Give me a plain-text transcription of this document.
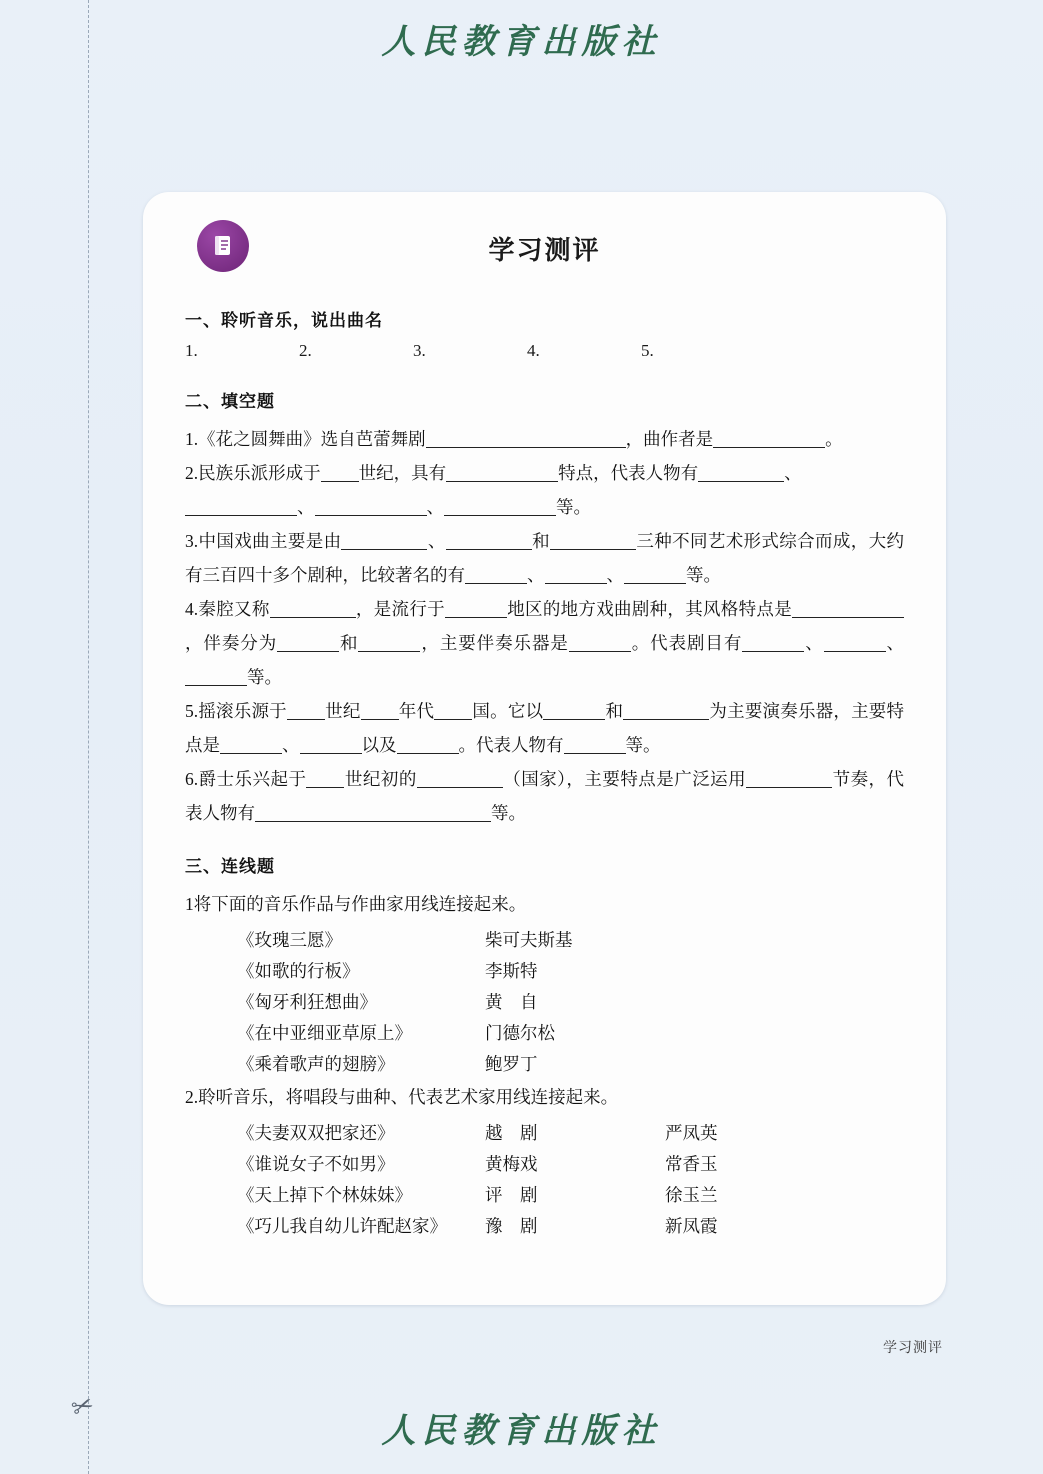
人民教育出版社
✂
学习测评
一、聆听音乐，说出曲名
1.	2.	3.	4.	5.
二、填空题
1.《花之圆舞曲》选自芭蕾舞剧	，曲作者是	。
2.民族乐派形成于 世纪，具有	特点，代表人物有	、
、	、	等。
3.中国戏曲主要是由	、	和	三种不同艺术形式综合而成，大约有三百四十多个剧种，比较著名的有	、	、	等。
4.秦腔又称	，是流行于	地区的地方戏曲剧种，其风格特点是，伴奏分为	和	，主要伴奏乐器是	。代表剧目有	、	、等。
5.摇滚乐源于 世纪 年代 国。它以	和	为主要演奏乐器，主要特点是	、	以及	。代表人物有	等。
6.爵士乐兴起于 世纪初的	（国家），主要特点是广泛运用	节奏，代表人物有	等。
三、连线题
1将下面的音乐作品与作曲家用线连接起来。
《玫瑰三愿》	柴可夫斯基
《如歌的行板》	李斯特
《匈牙利狂想曲》	黄　自
《在中亚细亚草原上》	门德尔松
《乘着歌声的翅膀》	鲍罗丁
2.聆听音乐，将唱段与曲种、代表艺术家用线连接起来。
《夫妻双双把家还》	越　剧	严凤英
《谁说女子不如男》	黄梅戏	常香玉
《天上掉下个林妹妹》	评　剧	徐玉兰
《巧儿我自幼儿许配赵家》	豫　剧	新凤霞
学习测评
人民教育出版社
